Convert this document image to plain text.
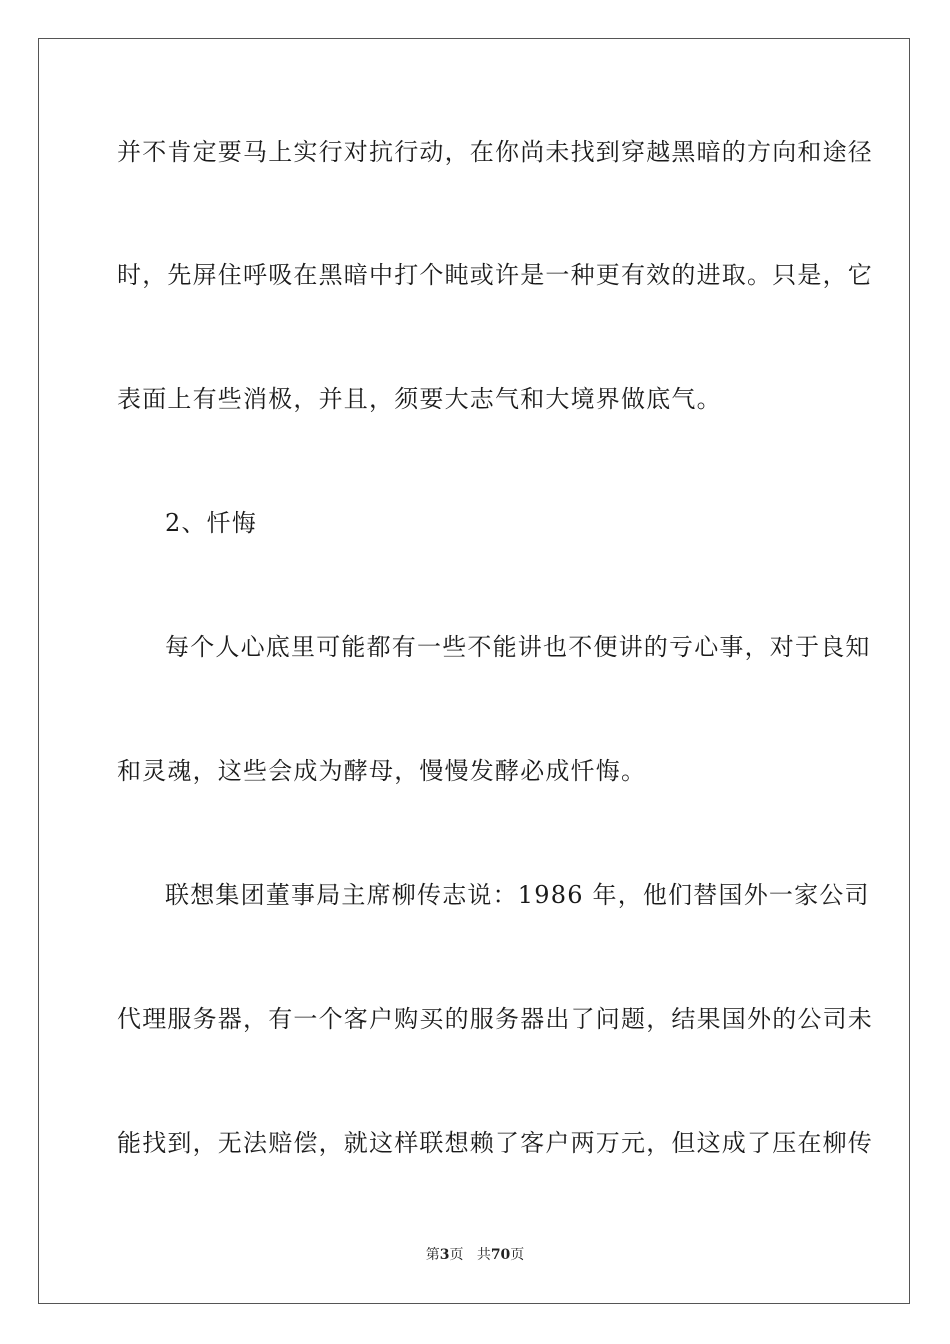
并不肯定要马上实行对抗行动，在你尚未找到穿越黑暗的方向和途径
时，先屏住呼吸在黑暗中打个盹或许是一种更有效的进取。只是，它
表面上有些消极，并且，须要大志气和大境界做底气。
2、忏悔
每个人心底里可能都有一些不能讲也不便讲的亏心事，对于良知
和灵魂，这些会成为酵母，慢慢发酵必成忏悔。
联想集团董事局主席柳传志说：1986 年，他们替国外一家公司
代理服务器，有一个客户购买的服务器出了问题，结果国外的公司未
能找到，无法赔偿，就这样联想赖了客户两万元，但这成了压在柳传
第3页 共70页
